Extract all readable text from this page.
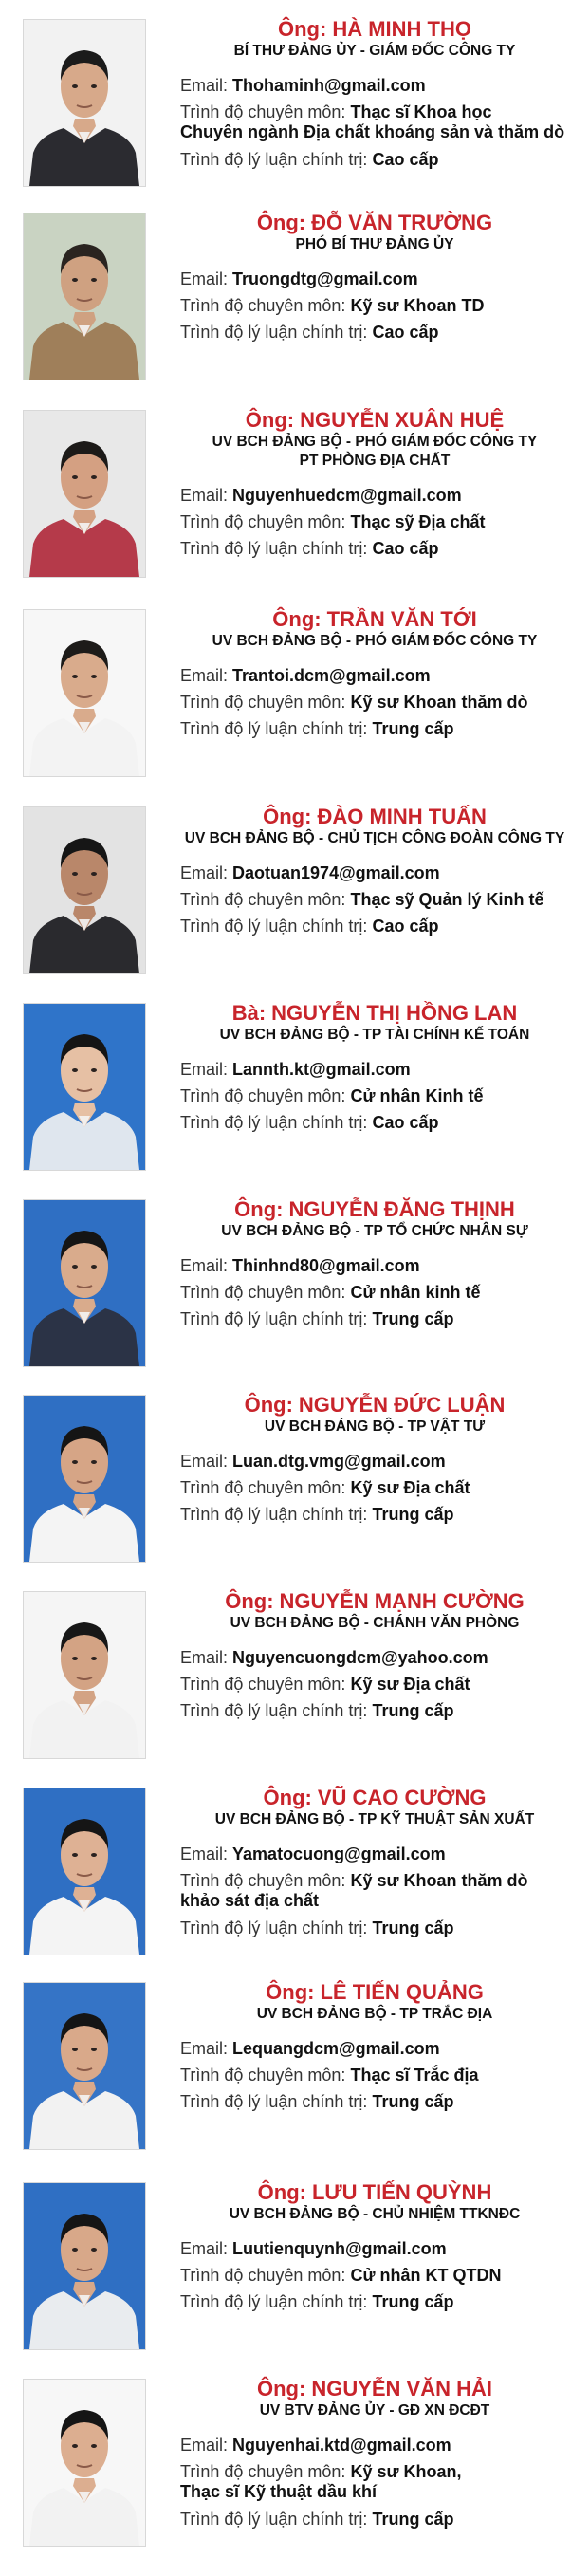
Ông: HÀ MINH THỌ
BÍ THƯ ĐẢNG ỦY - GIÁM ĐỐC CÔNG TY
Email: Thohaminh@gmail.com
Trình độ chuyên môn: Thạc sĩ Khoa học
Chuyên ngành Địa chất khoáng sản và thăm dò
Trình độ lý luận chính trị: Cao cấp
Ông: ĐỖ VĂN TRƯỜNG
PHÓ BÍ THƯ ĐẢNG ỦY
Email: Truongdtg@gmail.com
Trình độ chuyên môn: Kỹ sư Khoan TD
Trình độ lý luận chính trị: Cao cấp
Ông: NGUYỄN XUÂN HUỆ
UV BCH ĐẢNG BỘ - PHÓ GIÁM ĐỐC CÔNG TY
PT PHÒNG ĐỊA CHẤT
Email: Nguyenhuedcm@gmail.com
Trình độ chuyên môn: Thạc sỹ Địa chất
Trình độ lý luận chính trị: Cao cấp
Ông: TRẦN VĂN TỚI
UV BCH ĐẢNG BỘ - PHÓ GIÁM ĐỐC CÔNG TY
Email: Trantoi.dcm@gmail.com
Trình độ chuyên môn: Kỹ sư Khoan thăm dò
Trình độ lý luận chính trị: Trung cấp
Ông: ĐÀO MINH TUẤN
UV BCH ĐẢNG BỘ - CHỦ TỊCH CÔNG ĐOÀN CÔNG TY
Email: Daotuan1974@gmail.com
Trình độ chuyên môn: Thạc sỹ Quản lý Kinh tế
Trình độ lý luận chính trị: Cao cấp
Bà: NGUYỄN THỊ HỒNG LAN
UV BCH ĐẢNG BỘ - TP TÀI CHÍNH KẾ TOÁN
Email: Lannth.kt@gmail.com
Trình độ chuyên môn: Cử nhân Kinh tế
Trình độ lý luận chính trị: Cao cấp
Ông: NGUYỄN ĐĂNG THỊNH
UV BCH ĐẢNG BỘ - TP TỔ CHỨC NHÂN SỰ
Email: Thinhnd80@gmail.com
Trình độ chuyên môn: Cử nhân kinh tế
Trình độ lý luận chính trị: Trung cấp
Ông: NGUYỄN ĐỨC LUẬN
UV BCH ĐẢNG BỘ - TP VẬT TƯ
Email: Luan.dtg.vmg@gmail.com
Trình độ chuyên môn: Kỹ sư Địa chất
Trình độ lý luận chính trị: Trung cấp
Ông: NGUYỄN MẠNH CƯỜNG
UV BCH ĐẢNG BỘ - CHÁNH VĂN PHÒNG
Email: Nguyencuongdcm@yahoo.com
Trình độ chuyên môn: Kỹ sư Địa chất
Trình độ lý luận chính trị: Trung cấp
Ông: VŨ CAO CƯỜNG
UV BCH ĐẢNG BỘ - TP KỸ THUẬT SẢN XUẤT
Email: Yamatocuong@gmail.com
Trình độ chuyên môn: Kỹ sư Khoan thăm dò
khảo sát địa chất
Trình độ lý luận chính trị: Trung cấp
Ông: LÊ TIẾN QUẢNG
UV BCH ĐẢNG BỘ - TP TRẮC ĐỊA
Email: Lequangdcm@gmail.com
Trình độ chuyên môn: Thạc sĩ Trắc địa
Trình độ lý luận chính trị: Trung cấp
Ông: LƯU TIẾN QUỲNH
UV BCH ĐẢNG BỘ - CHỦ NHIỆM TTKNĐC
Email: Luutienquynh@gmail.com
Trình độ chuyên môn: Cử nhân KT QTDN
Trình độ lý luận chính trị: Trung cấp
Ông: NGUYỄN VĂN HẢI
UV BTV ĐẢNG ỦY - GĐ XN ĐCĐT
Email: Nguyenhai.ktd@gmail.com
Trình độ chuyên môn: Kỹ sư Khoan,
Thạc sĩ Kỹ thuật dầu khí
Trình độ lý luận chính trị: Trung cấp
